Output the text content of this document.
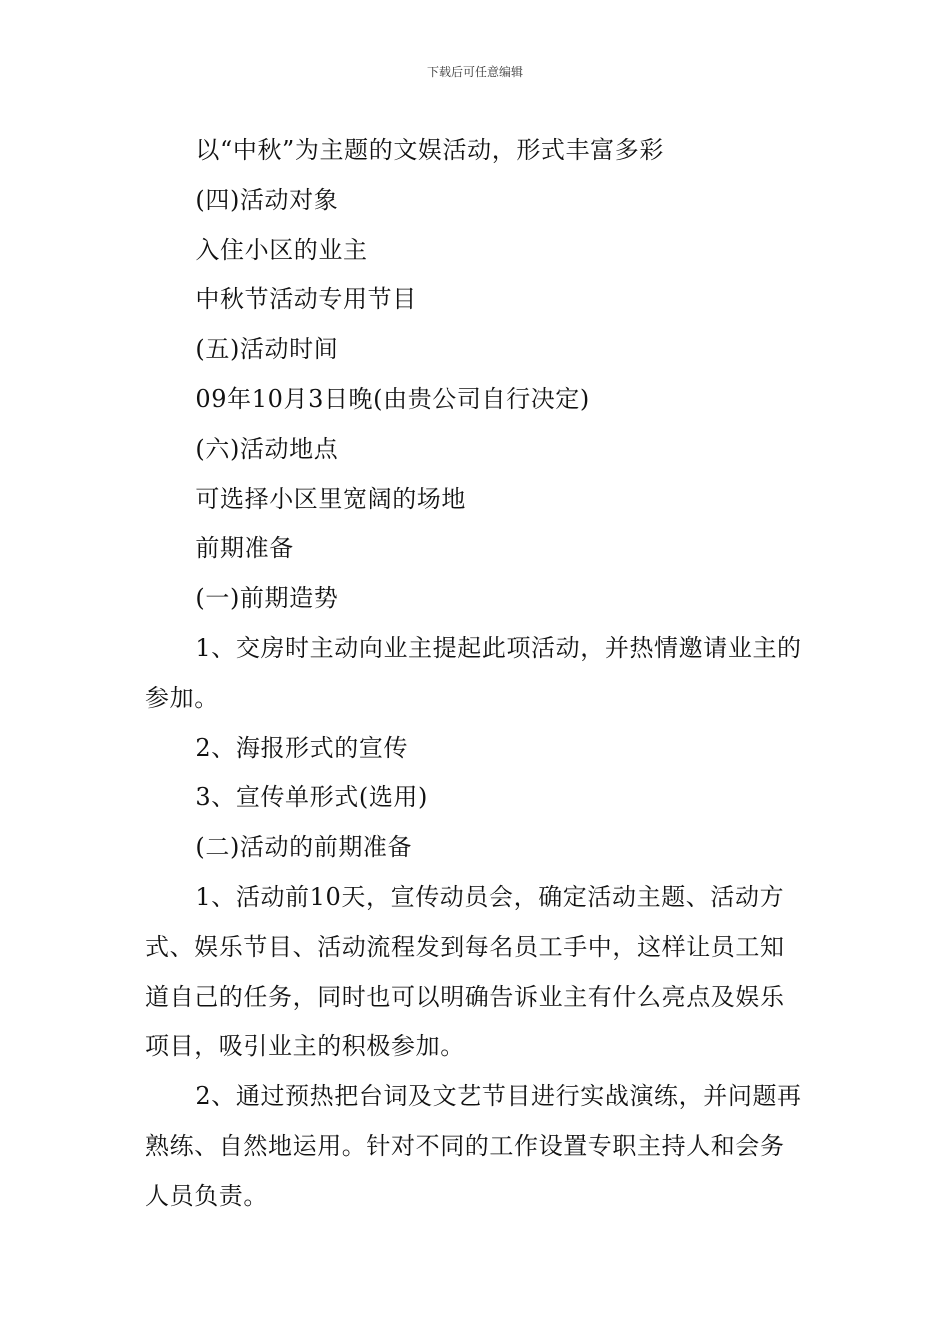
下载后可任意编辑

以“中秋”为主题的文娱活动，形式丰富多彩

(四)活动对象

入住小区的业主

中秋节活动专用节目

(五)活动时间

09年10月3日晚(由贵公司自行决定)

(六)活动地点

可选择小区里宽阔的场地

前期准备

(一)前期造势

1、交房时主动向业主提起此项活动，并热情邀请业主的参加。

2、海报形式的宣传

3、宣传单形式(选用)

(二)活动的前期准备

1、活动前10天，宣传动员会，确定活动主题、活动方式、娱乐节目、活动流程发到每名员工手中，这样让员工知道自己的任务，同时也可以明确告诉业主有什么亮点及娱乐项目，吸引业主的积极参加。

2、通过预热把台词及文艺节目进行实战演练，并问题再熟练、自然地运用。针对不同的工作设置专职主持人和会务人员负责。
